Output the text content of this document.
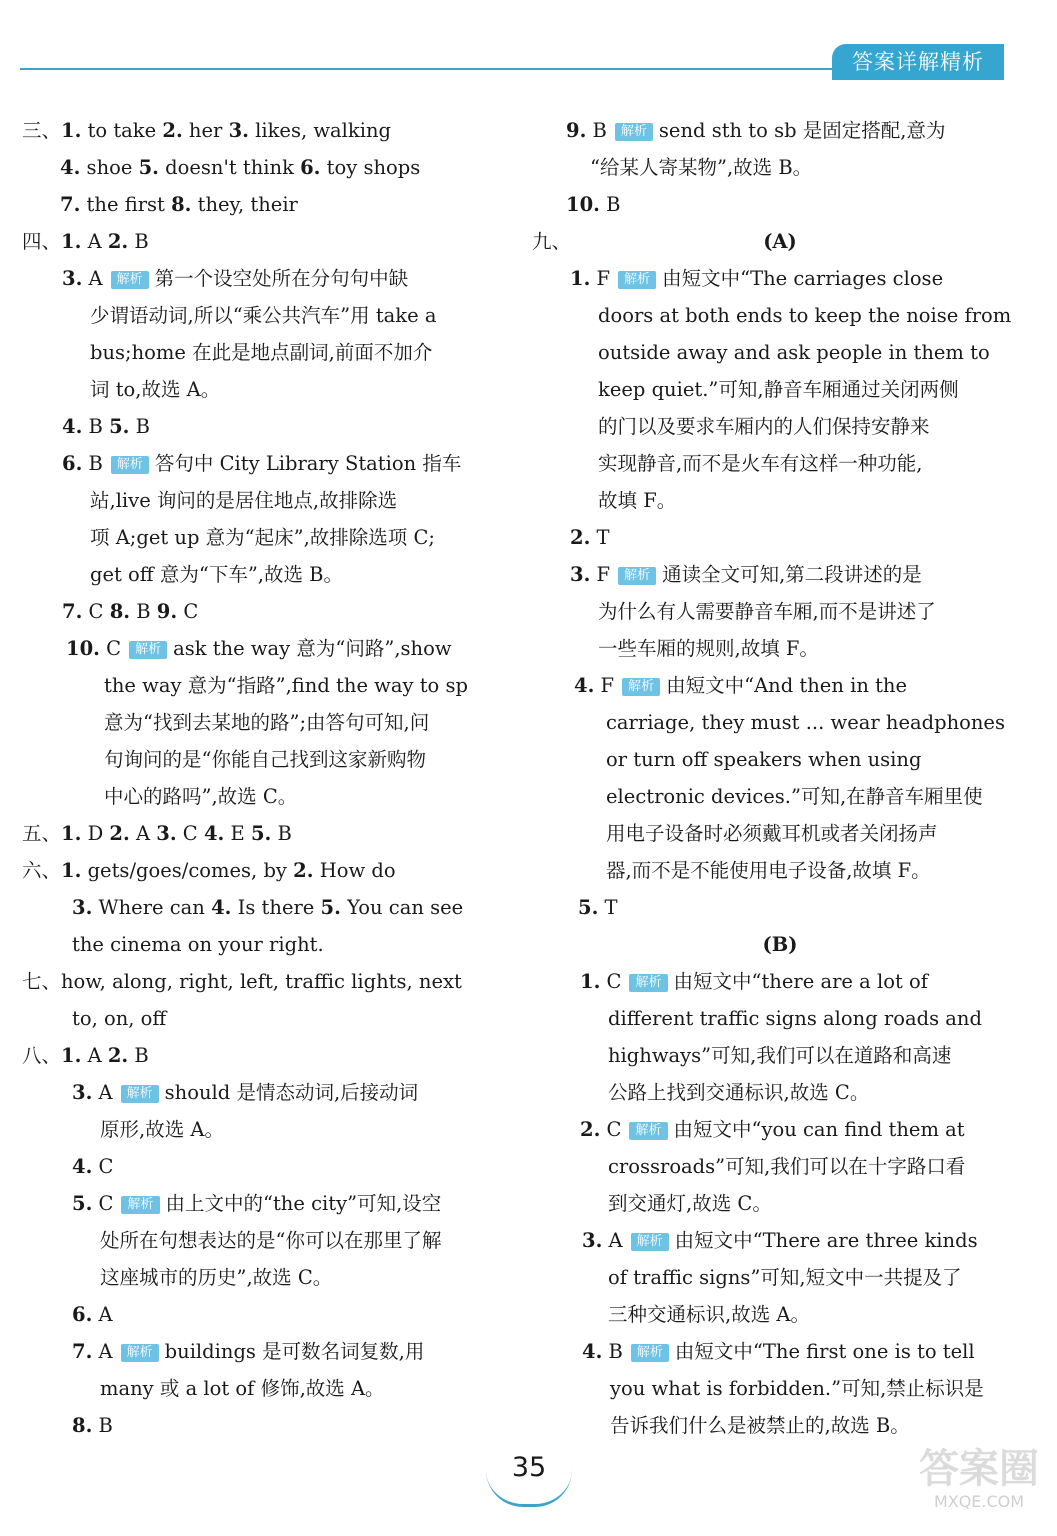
答案详解精析
三、1. to take 2. her 3. likes, walking
4. shoe 5. doesn't think 6. toy shops
7. the first 8. they, their
四、1. A 2. B
3. A 解析 第一个设空处所在分句句中缺
少谓语动词,所以“乘公共汽车”用 take a
bus;home 在此是地点副词,前面不加介
词 to,故选 A。
4. B 5. B
6. B 解析 答句中 City Library Station 指车
站,live 询问的是居住地点,故排除选
项 A;get up 意为“起床”,故排除选项 C;
get off 意为“下车”,故选 B。
7. C 8. B 9. C
10. C 解析 ask the way 意为“问路”,show
the way 意为“指路”,find the way to sp
意为“找到去某地的路”;由答句可知,问
句询问的是“你能自己找到这家新购物
中心的路吗”,故选 C。
五、1. D 2. A 3. C 4. E 5. B
六、1. gets/goes/comes, by 2. How do
3. Where can 4. Is there 5. You can see
the cinema on your right.
七、how, along, right, left, traffic lights, next
to, on, off
八、1. A 2. B
3. A 解析 should 是情态动词,后接动词
原形,故选 A。
4. C
5. C 解析 由上文中的“the city”可知,设空
处所在句想表达的是“你可以在那里了解
这座城市的历史”,故选 C。
6. A
7. A 解析 buildings 是可数名词复数,用
many 或 a lot of 修饰,故选 A。
8. B
9. B 解析 send sth to sb 是固定搭配,意为
“给某人寄某物”,故选 B。
10. B
九、	(A)
1. F 解析 由短文中“The carriages close
doors at both ends to keep the noise from
outside away and ask people in them to
keep quiet.”可知,静音车厢通过关闭两侧
的门以及要求车厢内的人们保持安静来
实现静音,而不是火车有这样一种功能,
故填 F。
2. T
3. F 解析 通读全文可知,第二段讲述的是
为什么有人需要静音车厢,而不是讲述了
一些车厢的规则,故填 F。
4. F 解析 由短文中“And then in the
carriage, they must ... wear headphones
or turn off speakers when using
electronic devices.”可知,在静音车厢里使
用电子设备时必须戴耳机或者关闭扬声
器,而不是不能使用电子设备,故填 F。
5. T
(B)
1. C 解析 由短文中“there are a lot of
different traffic signs along roads and
highways”可知,我们可以在道路和高速
公路上找到交通标识,故选 C。
2. C 解析 由短文中“you can find them at
crossroads”可知,我们可以在十字路口看
到交通灯,故选 C。
3. A 解析 由短文中“There are three kinds
of traffic signs”可知,短文中一共提及了
三种交通标识,故选 A。
4. B 解析 由短文中“The first one is to tell
you what is forbidden.”可知,禁止标识是
告诉我们什么是被禁止的,故选 B。
35	答案圈
MXQE.COM
